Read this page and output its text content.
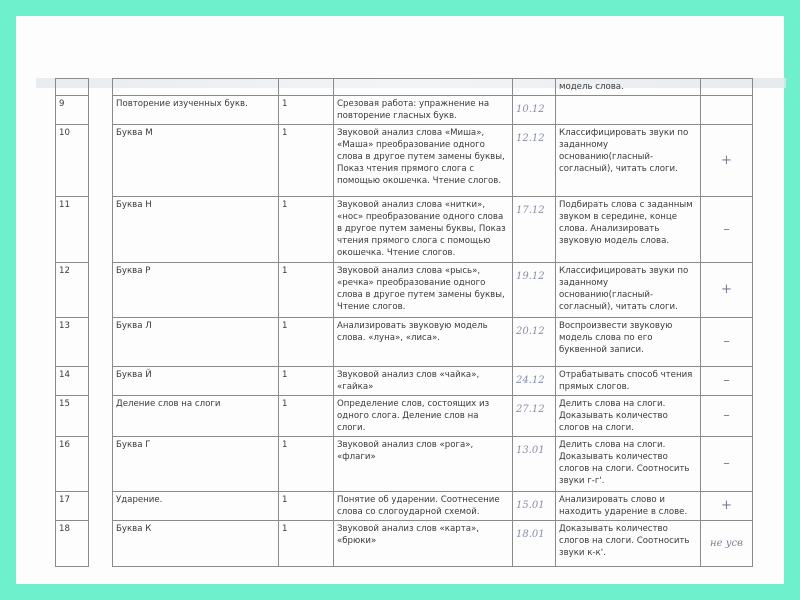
						модель слова.	
9		Повторение изученных букв.	1	Срезовая работа: упражнение на повторение гласных букв.	10.12		
10		Буква М	1	Звуковой анализ слова «Миша», «Маша» преобразование одного слова в другое путем замены буквы, Показ чтения прямого слога с помощью окошечка. Чтение слогов.	12.12	Классифицировать звуки по заданному основанию(гласный-согласный), читать слоги.	+
11		Буква Н	1	Звуковой анализ слова «нитки», «нос» преобразование одного слова в другое путем замены буквы, Показ чтения прямого слога с помощью окошечка. Чтение слогов.	17.12	Подбирать слова с заданным звуком в середине, конце слова. Анализировать звуковую модель слова.	–
12		Буква Р	1	Звуковой анализ слова «рысь», «речка» преобразование одного слова в другое путем замены буквы, Чтение слогов.	19.12	Классифицировать звуки по заданному основанию(гласный-согласный), читать слоги.	+
13		Буква Л	1	Анализировать звуковую модель слова. «луна», «лиса».	20.12	Воспроизвести звуковую модель слова по его буквенной записи.	–
14		Буква Й	1	Звуковой анализ слов «чайка», «гайка»	24.12	Отрабатывать способ чтения прямых слогов.	–
15		Деление слов на слоги	1	Определение слов, состоящих из одного слога. Деление слов на слоги.	27.12	Делить слова на слоги. Доказывать количество слогов на слоги.	–
16		Буква Г	1	Звуковой анализ слов «рога», «флаги»	13.01	Делить слова на слоги. Доказывать количество слогов на слоги. Соотносить звуки г-г'.	–
17		Ударение.	1	Понятие об ударении. Соотнесение слова со слогоударной схемой.	15.01	Анализировать слово и находить ударение в слове.	+
18		Буква К	1	Звуковой анализ слов «карта», «брюки»	18.01	Доказывать количество слогов на слоги. Соотносить звуки к-к'.	не усв
